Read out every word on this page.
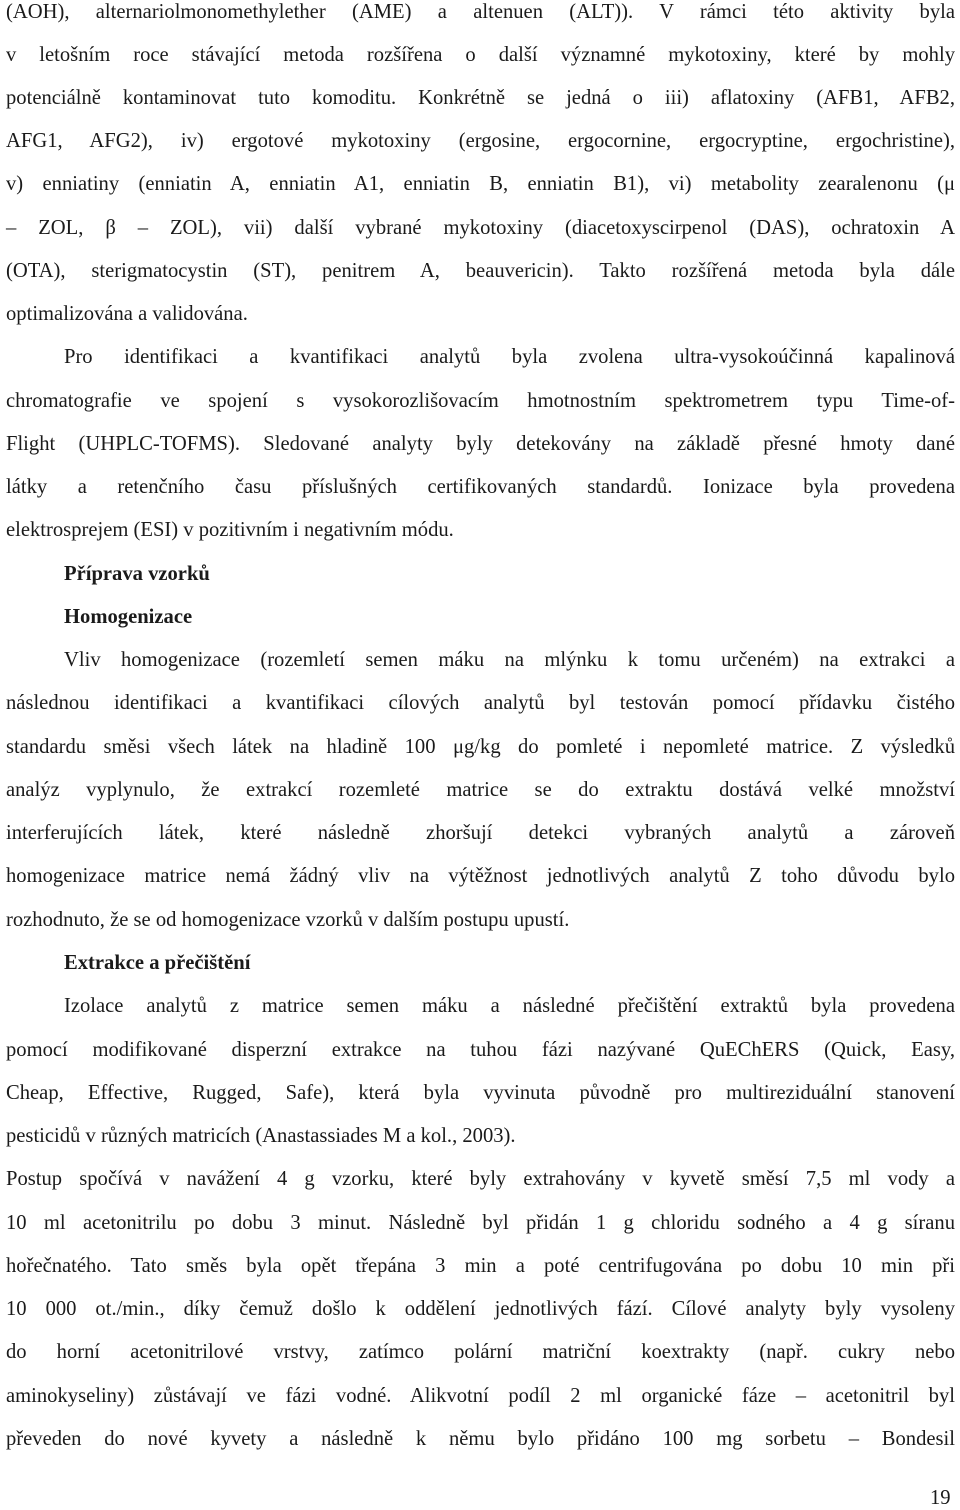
(AOH), alternariolmonomethylether (AME) a altenuen (ALT)). V rámci této aktivity byla

v letošním roce stávající metoda rozšířena o další významné mykotoxiny, které by mohly

potenciálně kontaminovat tuto komoditu. Konkrétně se jedná o iii) aflatoxiny (AFB1, AFB2,

AFG1, AFG2), iv) ergotové mykotoxiny (ergosine, ergocornine, ergocryptine, ergochristine),

v) enniatiny (enniatin A, enniatin A1, enniatin B, enniatin B1), vi) metabolity zearalenonu (μ

– ZOL, β – ZOL), vii) další vybrané mykotoxiny (diacetoxyscirpenol (DAS), ochratoxin A

(OTA), sterigmatocystin (ST), penitrem A, beauvericin). Takto rozšířená metoda byla dále

optimalizována a validována.

Pro identifikaci a kvantifikaci analytů byla zvolena ultra-vysokoúčinná kapalinová

chromatografie ve spojení s vysokorozlišovacím hmotnostním spektrometrem typu Time-of-

Flight (UHPLC-TOFMS). Sledované analyty byly detekovány na základě přesné hmoty dané

látky a retenčního času příslušných certifikovaných standardů. Ionizace byla provedena

elektrosprejem (ESI) v pozitivním i negativním módu.

Příprava vzorků

Homogenizace

Vliv homogenizace (rozemletí semen máku na mlýnku k tomu určeném) na extrakci a

následnou identifikaci a kvantifikaci cílových analytů byl testován pomocí přídavku čistého

standardu směsi všech látek na hladině 100 μg/kg do pomleté i nepomleté matrice. Z výsledků

analýz vyplynulo, že extrakcí rozemleté matrice se do extraktu dostává velké množství

interferujících látek, které následně zhoršují detekci vybraných analytů a zároveň

homogenizace matrice nemá žádný vliv na výtěžnost jednotlivých analytů Z toho důvodu bylo

rozhodnuto, že se od homogenizace vzorků v dalším postupu upustí.

Extrakce a přečištění

Izolace analytů z matrice semen máku a následné přečištění extraktů byla provedena

pomocí modifikované disperzní extrakce na tuhou fázi nazývané QuEChERS (Quick, Easy,

Cheap, Effective, Rugged, Safe), která byla vyvinuta původně pro multireziduální stanovení

pesticidů v různých matricích (Anastassiades M a kol., 2003).

Postup spočívá v navážení 4 g vzorku, které byly extrahovány v kyvetě směsí 7,5 ml vody a

10 ml acetonitrilu po dobu 3 minut. Následně byl přidán 1 g chloridu sodného a 4 g síranu

hořečnatého. Tato směs byla opět třepána 3 min a poté centrifugována po dobu 10 min při

10 000 ot./min., díky čemuž došlo k oddělení jednotlivých fází. Cílové analyty byly vysoleny

do horní acetonitrilové vrstvy, zatímco polární matriční koextrakty (např. cukry nebo

aminokyseliny) zůstávají ve fázi vodné. Alikvotní podíl 2 ml organické fáze – acetonitril byl

převeden do nové kyvety a následně k němu bylo přidáno 100 mg sorbetu – Bondesil

19
